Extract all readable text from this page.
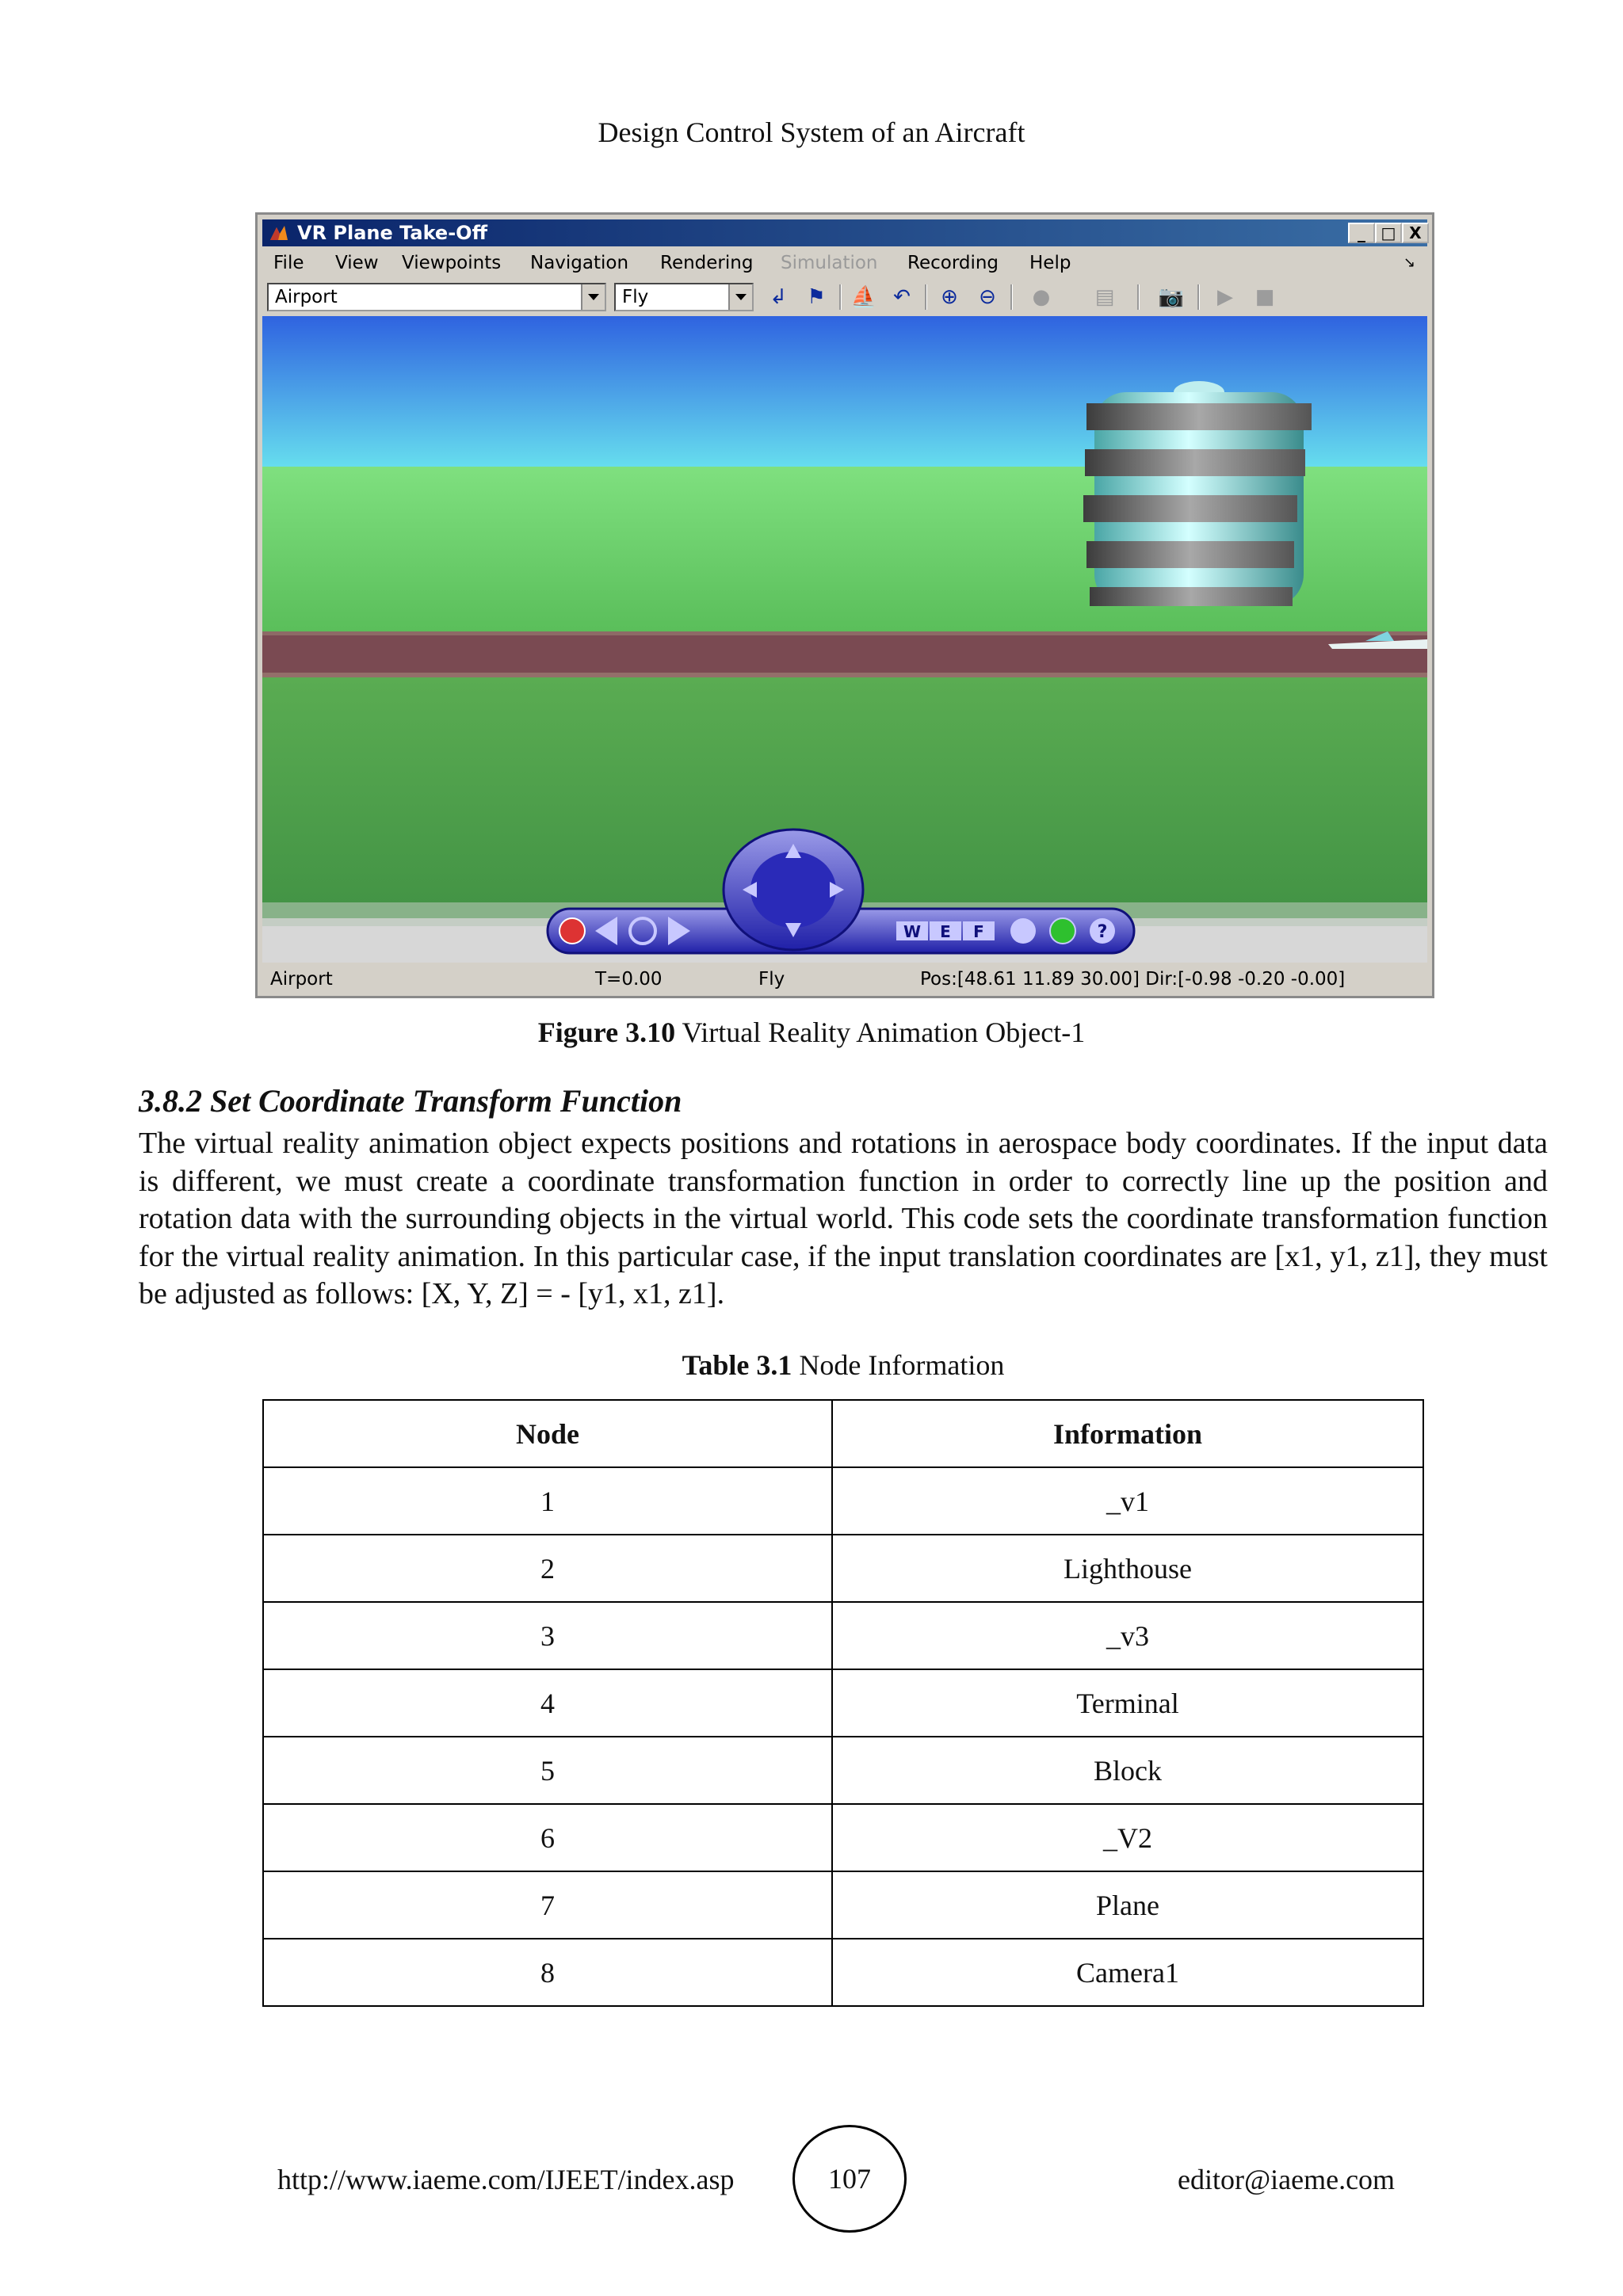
Design Control System of an Aircraft
VR Plane Take-Off	_ □ X
File View Viewpoints Navigation Rendering Simulation Recording Help	↘
Airport	Fly	↲ ⚑ ⛵ ↶	⊕	⊖	● ▤ 📷	▶	■
W E F	?
Airport	T=0.00	Fly	Pos:[48.61 11.89 30.00] Dir:[-0.98 -0.20 -0.00]
Figure 3.10 Virtual Reality Animation Object-1
3.8.2 Set Coordinate Transform Function
The virtual reality animation object expects positions and rotations in aerospace body coordinates. If the input data is different, we must create a coordinate transformation function in order to correctly line up the position and rotation data with the surrounding objects in the virtual world. This code sets the coordinate transformation function for the virtual reality animation. In this particular case, if the input translation coordinates are [x1, y1, z1], they must be adjusted as follows: [X, Y, Z] = - [y1, x1, z1].
Table 3.1 Node Information
Node	Information
1	_v1
2	Lighthouse
3	_v3
4	Terminal
5	Block
6	_V2
7	Plane
8	Camera1
http://www.iaeme.com/IJEET/index.asp	107	editor@iaeme.com
